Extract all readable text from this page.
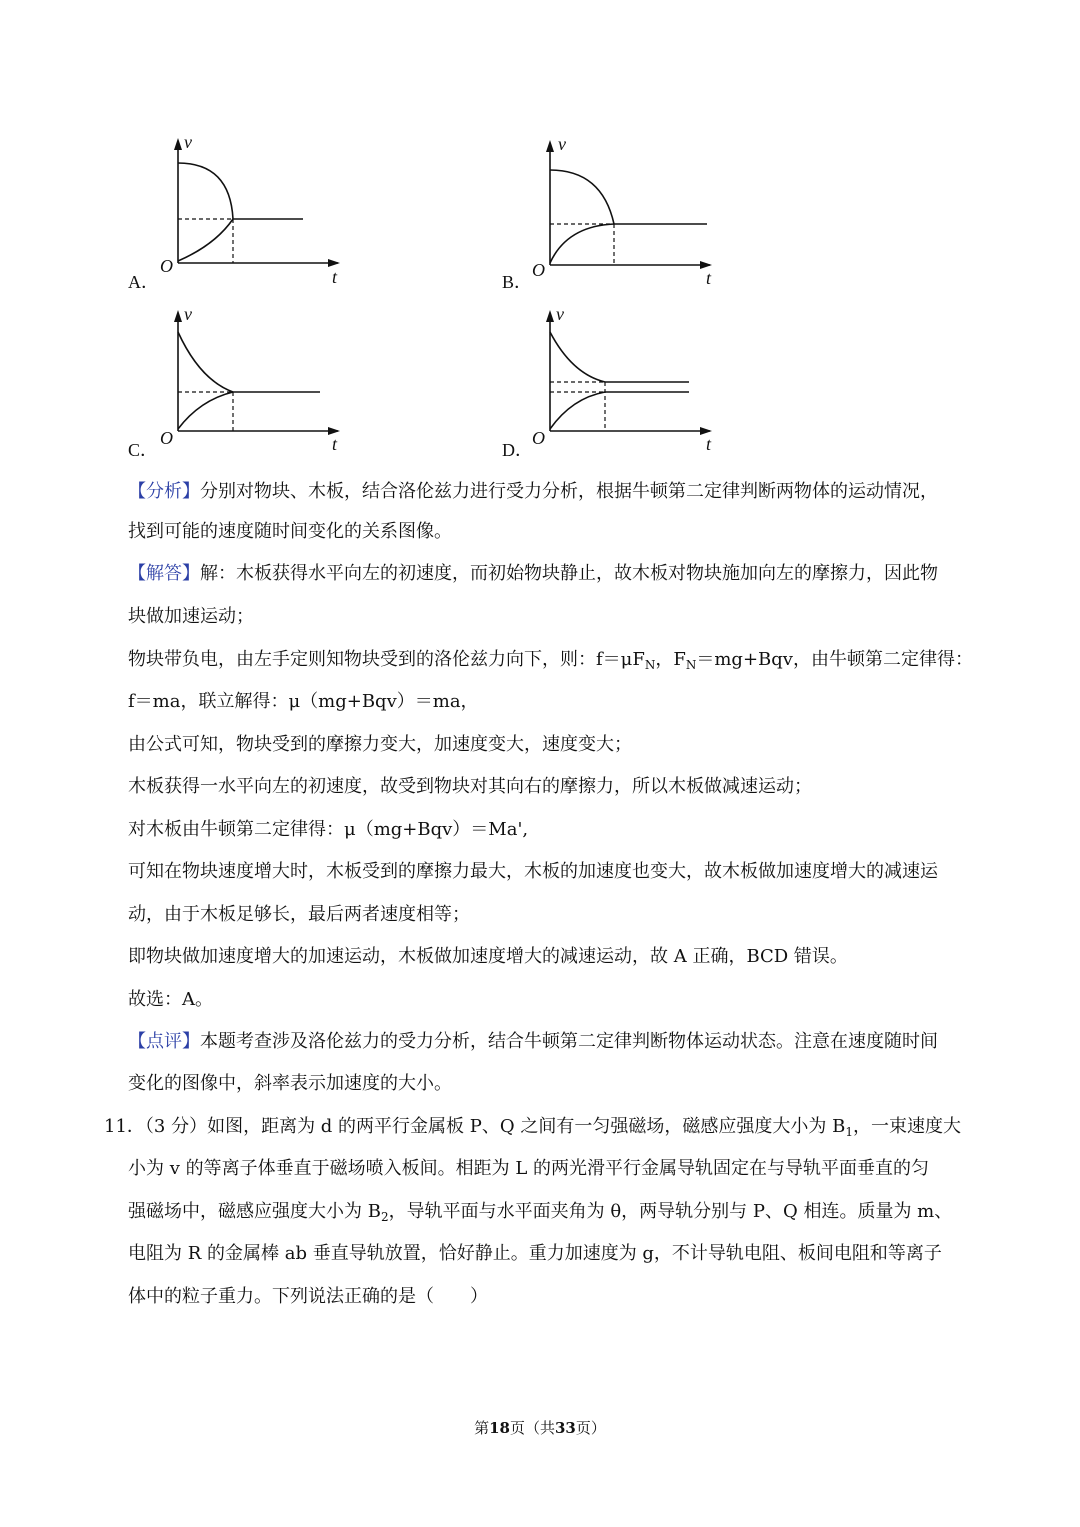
v
t
O
A．
v
t
O
B．
v
t
O
C．
v
t
O
D．
【分析】分别对物块、木板，结合洛伦兹力进行受力分析，根据牛顿第二定律判断两物体的运动情况，
找到可能的速度随时间变化的关系图像。
【解答】解：木板获得水平向左的初速度，而初始物块静止，故木板对物块施加向左的摩擦力，因此物
块做加速运动；
物块带负电，由左手定则知物块受到的洛伦兹力向下，则：$f=\mu F_N$，$F_N=mg+Bqv$，由牛顿第二定律得：
f＝ma，联立解得：μ（mg+Bqv）＝ma，
由公式可知，物块受到的摩擦力变大，加速度变大，速度变大；
木板获得一水平向左的初速度，故受到物块对其向右的摩擦力，所以木板做减速运动；
对木板由牛顿第二定律得：μ（mg+Bqv）＝Ma',
可知在物块速度增大时，木板受到的摩擦力最大，木板的加速度也变大，故木板做加速度增大的减速运
动，由于木板足够长，最后两者速度相等；
即物块做加速度增大的加速运动，木板做加速度增大的减速运动，故 A 正确，BCD 错误。
故选：A。
【点评】本题考查涉及洛伦兹力的受力分析，结合牛顿第二定律判断物体运动状态。注意在速度随时间
变化的图像中，斜率表示加速度的大小。
11．（3 分）如图，距离为 d 的两平行金属板 P、Q 之间有一匀强磁场，磁感应强度大小为 $B_1$，一束速度大
小为 v 的等离子体垂直于磁场喷入板间。相距为 L 的两光滑平行金属导轨固定在与导轨平面垂直的匀
强磁场中，磁感应强度大小为 $B_2$，导轨平面与水平面夹角为 θ，两导轨分别与 P、Q 相连。质量为 m、
电阻为 R 的金属棒 ab 垂直导轨放置，恰好静止。重力加速度为 g，不计导轨电阻、板间电阻和等离子
体中的粒子重力。下列说法正确的是（　　）
第18页（共33页）
